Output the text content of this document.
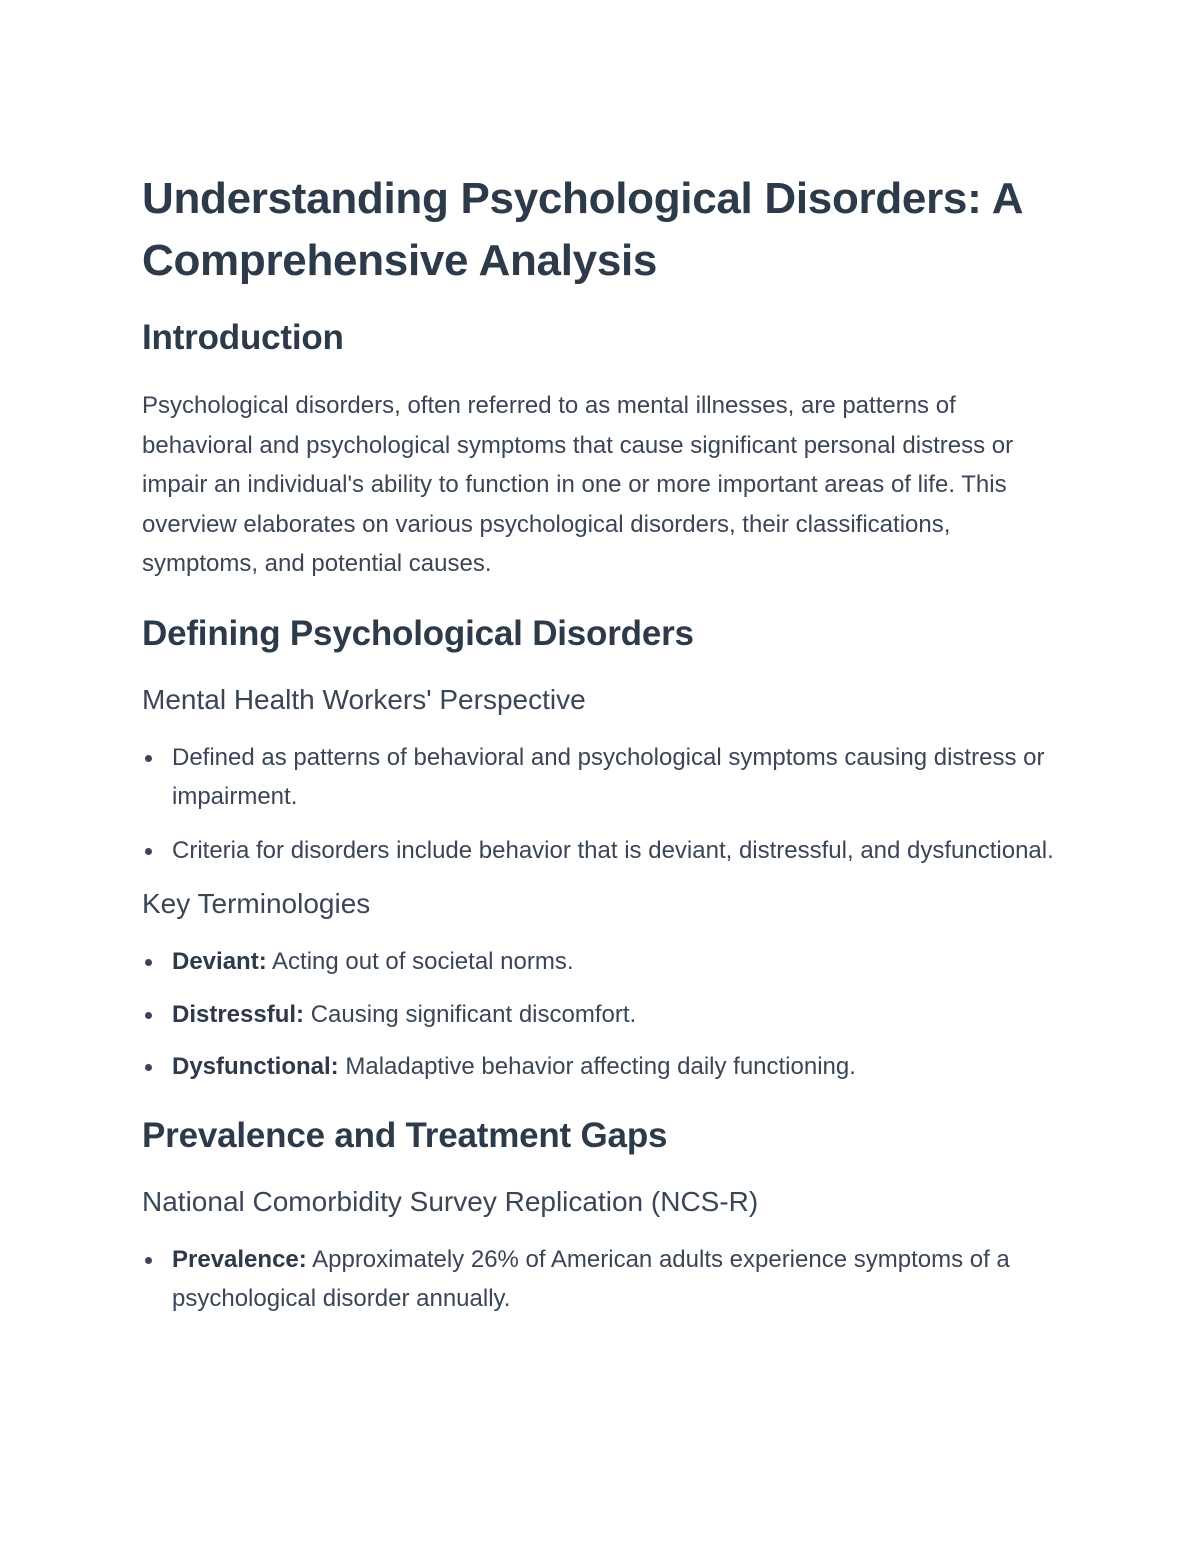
Understanding Psychological Disorders: A Comprehensive Analysis
Introduction

Psychological disorders, often referred to as mental illnesses, are patterns of behavioral and psychological symptoms that cause significant personal distress or impair an individual's ability to function in one or more important areas of life. This overview elaborates on various psychological disorders, their classifications, symptoms, and potential causes.

Defining Psychological Disorders
Mental Health Workers' Perspective
Defined as patterns of behavioral and psychological symptoms causing distress or impairment.
Criteria for disorders include behavior that is deviant, distressful, and dysfunctional.
Key Terminologies
Deviant: Acting out of societal norms.
Distressful: Causing significant discomfort.
Dysfunctional: Maladaptive behavior affecting daily functioning.
Prevalence and Treatment Gaps
National Comorbidity Survey Replication (NCS-R)
Prevalence: Approximately 26% of American adults experience symptoms of a psychological disorder annually.
